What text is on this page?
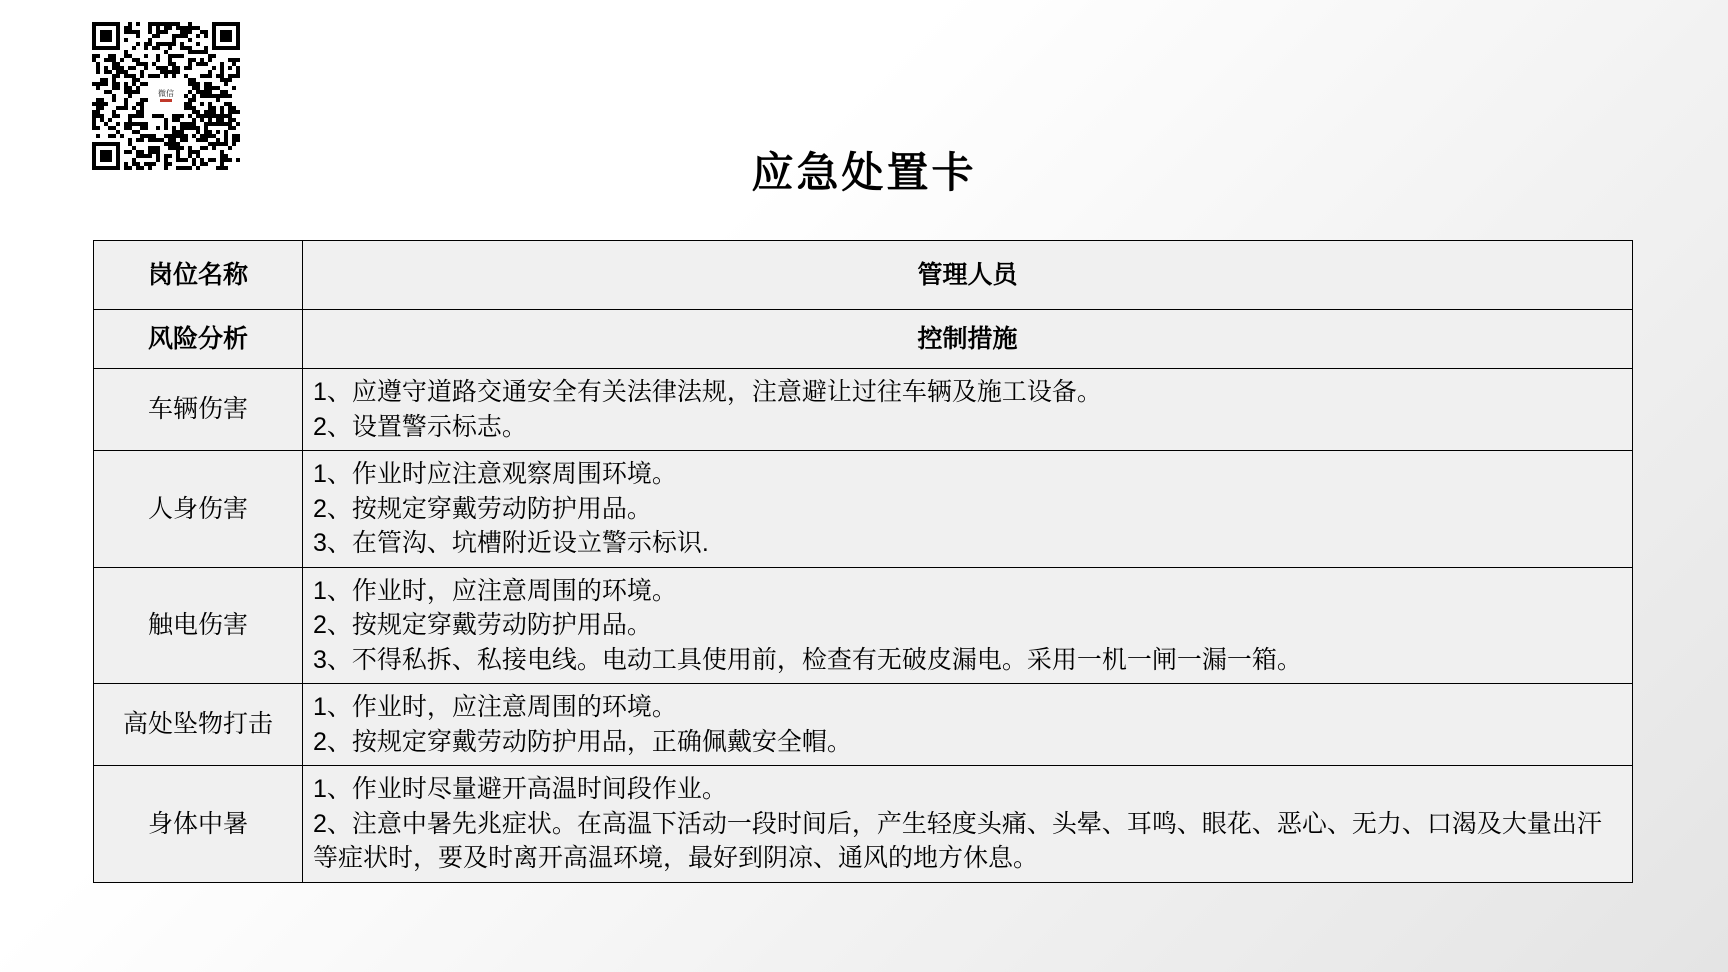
微信
应急处置卡
岗位名称	管理人员
风险分析	控制措施
车辆伤害	1、应遵守道路交通安全有关法律法规，注意避让过往车辆及施工设备。
2、设置警示标志。

人身伤害	1、作业时应注意观察周围环境。
2、按规定穿戴劳动防护用品。
3、在管沟、坑槽附近设立警示标识.

触电伤害	1、作业时，应注意周围的环境。
2、按规定穿戴劳动防护用品。
3、不得私拆、私接电线。电动工具使用前，检查有无破皮漏电。采用一机一闸一漏一箱。

高处坠物打击	1、作业时，应注意周围的环境。
2、按规定穿戴劳动防护用品，正确佩戴安全帽。

身体中暑	1、作业时尽量避开高温时间段作业。
2、注意中暑先兆症状。在高温下活动一段时间后，产生轻度头痛、头晕、耳鸣、眼花、恶心、无力、口渴及大量出汗等症状时，要及时离开高温环境，最好到阴凉、通风的地方休息。
